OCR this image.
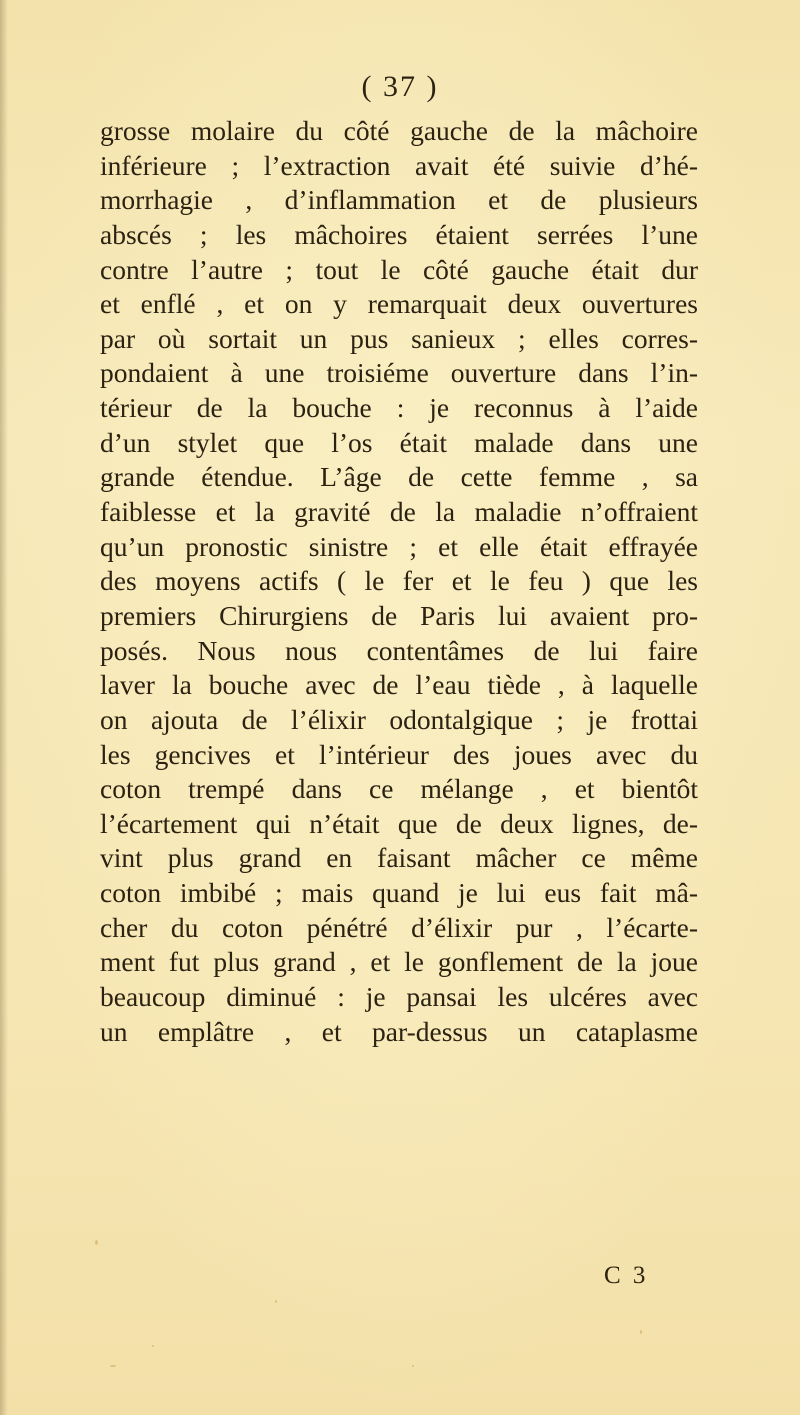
( 37 )
grosse molaire du côté gauche de la mâchoire
inférieure ; l’extraction avait été suivie d’hé-
morrhagie , d’inflammation et de plusieurs
abscés ; les mâchoires étaient serrées l’une
contre l’autre ; tout le côté gauche était dur
et enflé , et on y remarquait deux ouvertures
par où sortait un pus sanieux ; elles corres-
pondaient à une troisiéme ouverture dans l’in-
térieur de la bouche : je reconnus à l’aide
d’un stylet que l’os était malade dans une
grande étendue. L’âge de cette femme , sa
faiblesse et la gravité de la maladie n’offraient
qu’un pronostic sinistre ; et elle était effrayée
des moyens actifs ( le fer et le feu ) que les
premiers Chirurgiens de Paris lui avaient pro-
posés. Nous nous contentâmes de lui faire
laver la bouche avec de l’eau tiède , à laquelle
on ajouta de l’élixir odontalgique ; je frottai
les gencives et l’intérieur des joues avec du
coton trempé dans ce mélange , et bientôt
l’écartement qui n’était que de deux lignes, de-
vint plus grand en faisant mâcher ce même
coton imbibé ; mais quand je lui eus fait mâ-
cher du coton pénétré d’élixir pur , l’écarte-
ment fut plus grand , et le gonflement de la joue
beaucoup diminué : je pansai les ulcéres avec
un emplâtre , et par-dessus un cataplasme
C 3
